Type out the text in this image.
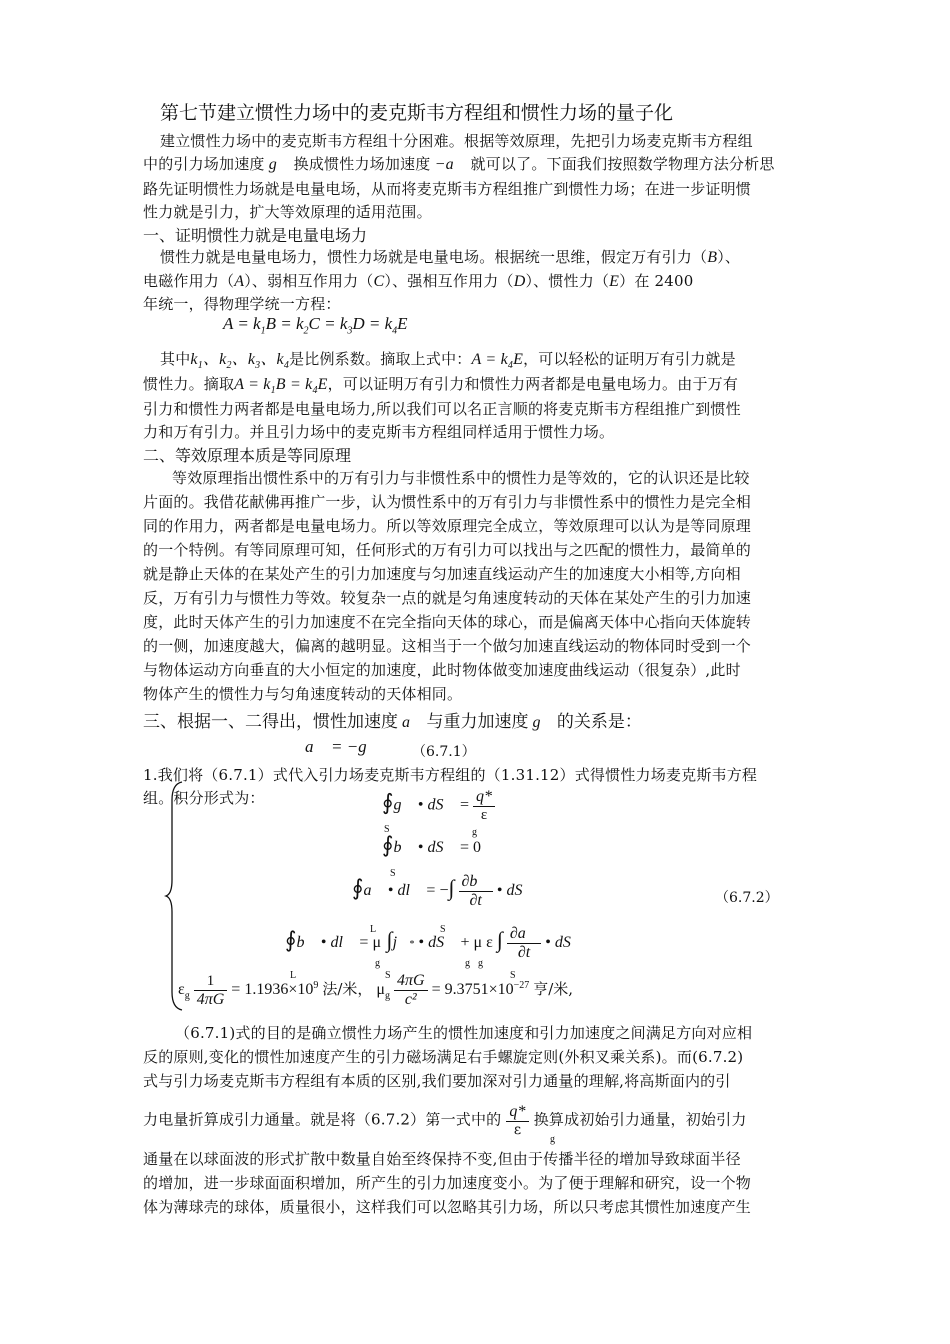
第七节建立惯性力场中的麦克斯韦方程组和惯性力场的量子化
建立惯性力场中的麦克斯韦方程组十分困难。根据等效原理，先把引力场麦克斯韦方程组
中的引力场加速度 g⃗ 换成惯性力场加速度 −a⃗ 就可以了。下面我们按照数学物理方法分析思
路先证明惯性力场就是电量电场，从而将麦克斯韦方程组推广到惯性力场；在进一步证明惯
性力就是引力，扩大等效原理的适用范围。
一、证明惯性力就是电量电场力
惯性力就是电量电场力，惯性力场就是电量电场。根据统一思维，假定万有引力（B）、
电磁作用力（A）、弱相互作用力（C）、强相互作用力（D）、惯性力（E）在 2400
年统一，得物理学统一方程：
$A = k_1B = k_2C = k_3D = k_4E$
其中$k_1$、$k_2$、$k_3$、$k_4$是比例系数。摘取上式中：$A = k_4E$，可以轻松的证明万有引力就是
惯性力。摘取$A = k_1B = k_4E$，可以证明万有引力和惯性力两者都是电量电场力。由于万有
引力和惯性力两者都是电量电场力,所以我们可以名正言顺的将麦克斯韦方程组推广到惯性
力和万有引力。并且引力场中的麦克斯韦方程组同样适用于惯性力场。
二、等效原理本质是等同原理
等效原理指出惯性系中的万有引力与非惯性系中的惯性力是等效的，它的认识还是比较
片面的。我借花献佛再推广一步，认为惯性系中的万有引力与非惯性系中的惯性力是完全相
同的作用力，两者都是电量电场力。所以等效原理完全成立，等效原理可以认为是等同原理
的一个特例。有等同原理可知，任何形式的万有引力可以找出与之匹配的惯性力，最简单的
就是静止天体的在某处产生的引力加速度与匀加速直线运动产生的加速度大小相等,方向相
反，万有引力与惯性力等效。较复杂一点的就是匀角速度转动的天体在某处产生的引力加速
度，此时天体产生的引力加速度不在完全指向天体的球心，而是偏离天体中心指向天体旋转
的一侧，加速度越大，偏离的越明显。这相当于一个做匀加速直线运动的物体同时受到一个
与物体运动方向垂直的大小恒定的加速度，此时物体做变加速度曲线运动（很复杂）,此时
物体产生的惯性力与匀角速度转动的天体相同。
三、根据一、二得出，惯性加速度 a⃗ 与重力加速度 g⃗ 的关系是：
a⃗ = −g⃗ （6.7.1）
1.我们将（6.7.1）式代入引力场麦克斯韦方程组的（1.31.12）式得惯性力场麦克斯韦方程
组。积分形式为：	∮g⃗ • dS⃗ = $\frac{q*}{\varepsilon}$
S	g
∮b⃗ • dS⃗ = 0
S
∮a⃗ • dl⃗ = −∫ $\frac{\partial b⃗}{\partial t}$ • dS⃗
L	S
（6.7.2）
∮b⃗ • dl⃗ = μ ∫j⃗* • dS⃗ + μ ε ∫ $\frac{\partial a⃗}{\partial t}$ • dS⃗
L
g
S
g g
S
$\varepsilon_g \frac{1}{4\pi G} = 1.1936\times 10^9$ 法/米， $\mu_g \frac{4\pi G}{\text{c²}} = 9.3751\times 10^{-27}$ 亨/米,
（6.7.1)式的目的是确立惯性力场产生的惯性加速度和引力加速度之间满足方向对应相
反的原则,变化的惯性加速度产生的引力磁场满足右手螺旋定则(外积叉乘关系)。而(6.7.2)
式与引力场麦克斯韦方程组有本质的区别,我们要加深对引力通量的理解,将高斯面内的引
力电量折算成引力通量。就是将（6.7.2）第一式中的 $\frac{q*}{\varepsilon}$ 换算成初始引力通量，初始引力
g
通量在以球面波的形式扩散中数量自始至终保持不变,但由于传播半径的增加导致球面半径
的增加，进一步球面面积增加，所产生的引力加速度变小。为了便于理解和研究，设一个物
体为薄球壳的球体，质量很小，这样我们可以忽略其引力场，所以只考虑其惯性加速度产生
